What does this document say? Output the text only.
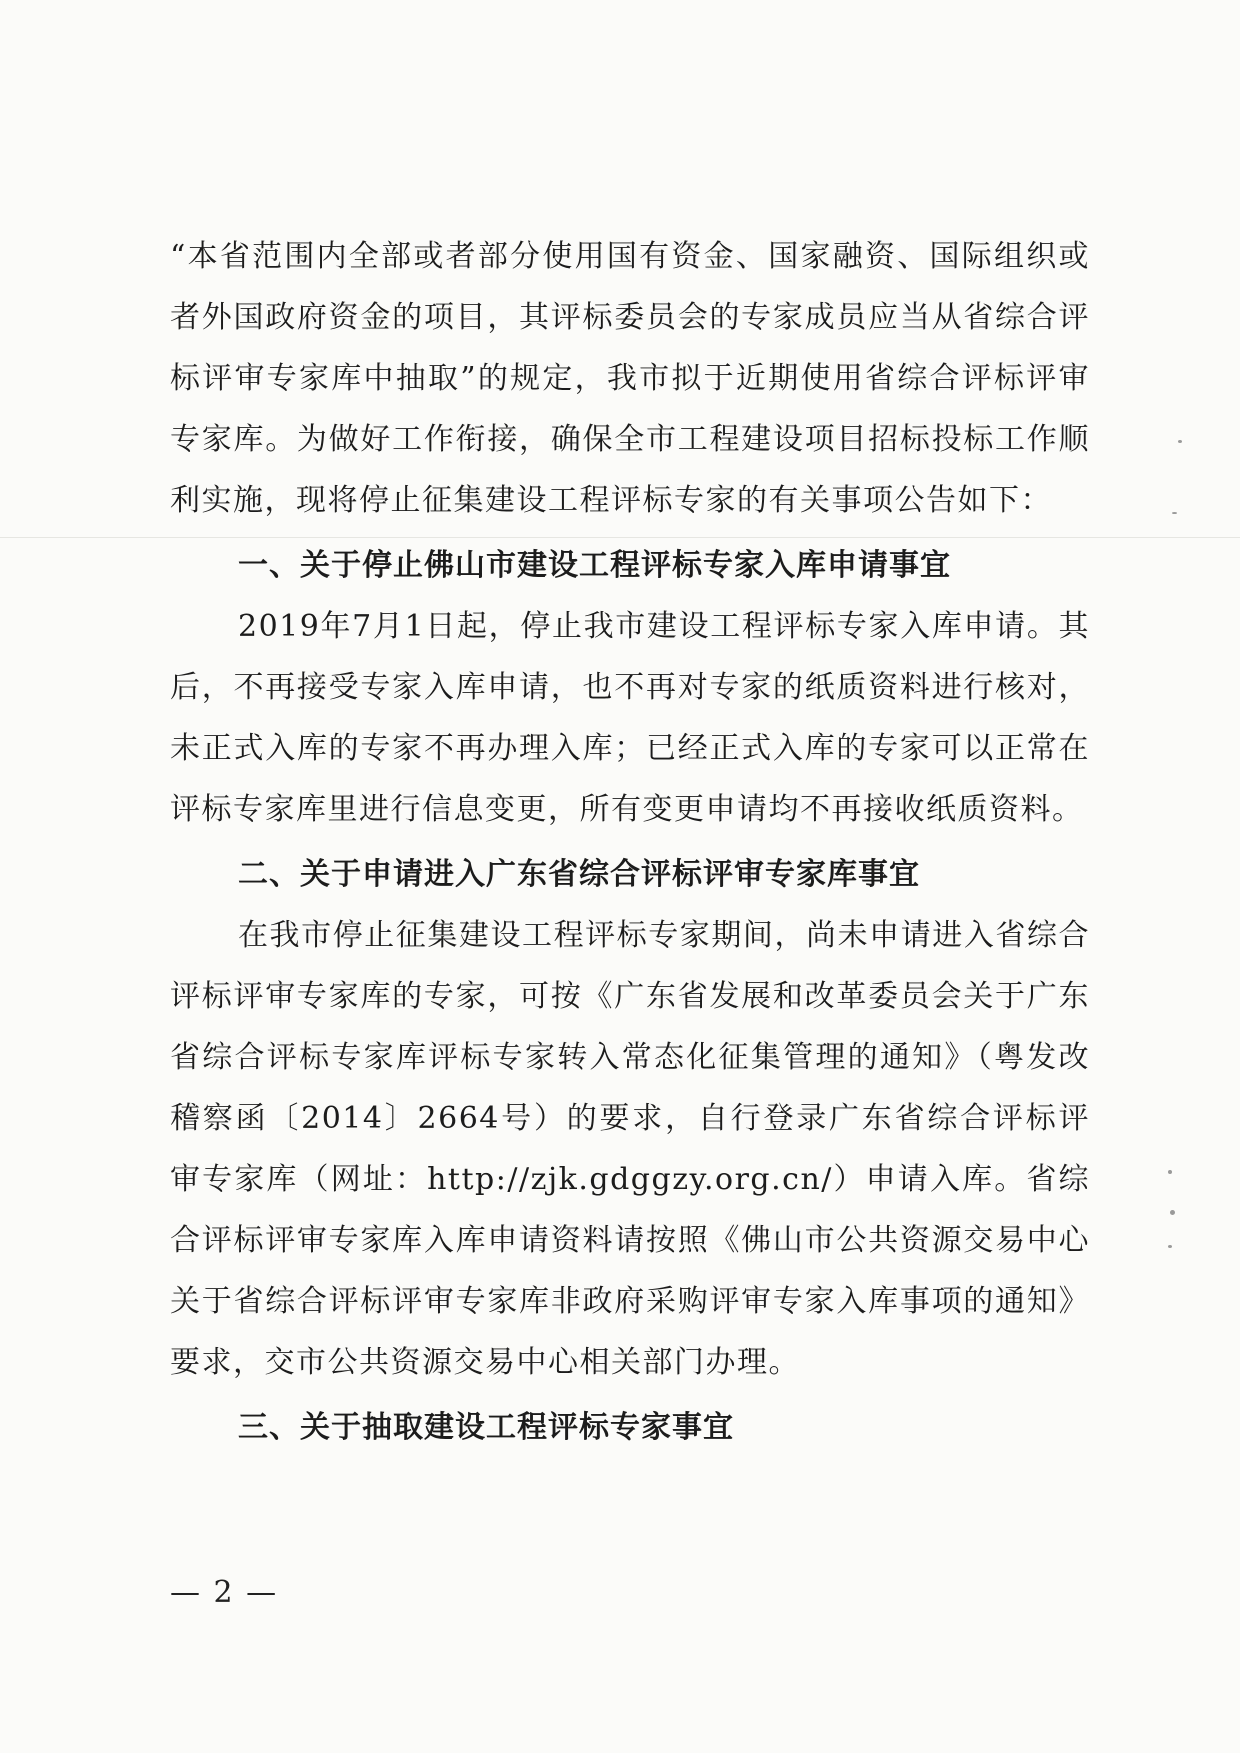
“本省范围内全部或者部分使用国有资金、国家融资、国际组织或者外国政府资金的项目，其评标委员会的专家成员应当从省综合评标评审专家库中抽取”的规定，我市拟于近期使用省综合评标评审专家库。为做好工作衔接，确保全市工程建设项目招标投标工作顺利实施，现将停止征集建设工程评标专家的有关事项公告如下：

一、关于停止佛山市建设工程评标专家入库申请事宜

2019年7月1日起，停止我市建设工程评标专家入库申请。其后，不再接受专家入库申请，也不再对专家的纸质资料进行核对，未正式入库的专家不再办理入库；已经正式入库的专家可以正常在评标专家库里进行信息变更，所有变更申请均不再接收纸质资料。

二、关于申请进入广东省综合评标评审专家库事宜

在我市停止征集建设工程评标专家期间，尚未申请进入省综合评标评审专家库的专家，可按《广东省发展和改革委员会关于广东省综合评标专家库评标专家转入常态化征集管理的通知》（粤发改稽察函〔2014〕2664号）的要求，自行登录广东省综合评标评审专家库（网址：http://zjk.gdggzy.org.cn/）申请入库。省综合评标评审专家库入库申请资料请按照《佛山市公共资源交易中心关于省综合评标评审专家库非政府采购评审专家入库事项的通知》要求，交市公共资源交易中心相关部门办理。

三、关于抽取建设工程评标专家事宜
— 2 —
